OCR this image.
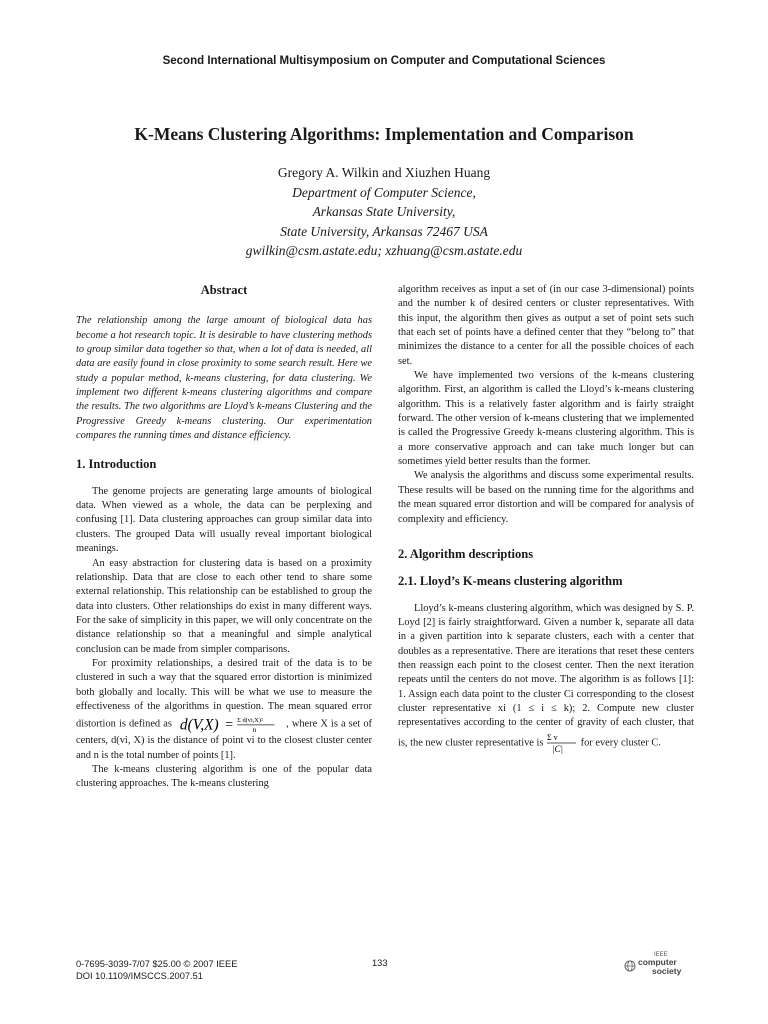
Second International Multisymposium on Computer and Computational Sciences
K-Means Clustering Algorithms: Implementation and Comparison
Gregory A. Wilkin and Xiuzhen Huang
Department of Computer Science,
Arkansas State University,
State University, Arkansas 72467 USA
gwilkin@csm.astate.edu; xzhuang@csm.astate.edu
Abstract

The relationship among the large amount of biological data has become a hot research topic. It is desirable to have clustering methods to group similar data together so that, when a lot of data is needed, all data are easily found in close proximity to some search result. Here we study a popular method, k-means clustering, for data clustering. We implement two different k-means clustering algorithms and compare the results. The two algorithms are Lloyd’s k-means Clustering and the Progressive Greedy k-means clustering. Our experimentation compares the running times and distance efficiency.

1. Introduction

The genome projects are generating large amounts of biological data. When viewed as a whole, the data can be perplexing and confusing [1]. Data clustering approaches can group similar data into clusters. The grouped Data will usually reveal important biological meanings.

An easy abstraction for clustering data is based on a proximity relationship. Data that are close to each other tend to share some external relationship. This relationship can be established to group the data into clusters. Other relationships do exist in many different ways. For the sake of simplicity in this paper, we will only concentrate on the distance relationship so that a meaningful and simple analytical conclusion can be made from simpler comparisons.

For proximity relationships, a desired trait of the data is to be clustered in such a way that the squared error distortion is minimized both globally and locally. This will be what we use to measure the effectiveness of the algorithms in question. The mean squared error distortion is defined as d(V,X) = Σ d(vi,X)²
n
, where X is a set of centers, d(vi, X) is the distance of point vi to the closest cluster center and n is the total number of points [1].

The k-means clustering algorithm is one of the popular data clustering approaches. The k-means clustering

algorithm receives as input a set of (in our case 3-dimensional) points and the number k of desired centers or cluster representatives. With this input, the algorithm then gives as output a set of point sets such that each set of points have a defined center that they “belong to” that minimizes the distance to a center for all the possible choices of each set.

We have implemented two versions of the k-means clustering algorithm. First, an algorithm is called the Lloyd’s k-means clustering algorithm. This is a relatively faster algorithm and is fairly straight forward. The other version of k-means clustering that we implemented is called the Progressive Greedy k-means clustering algorithm. This is a more conservative approach and can take much longer but can sometimes yield better results than the former.

We analysis the algorithms and discuss some experimental results. These results will be based on the running time for the algorithms and the mean squared error distortion and will be compared for analysis of complexity and efficiency.

2. Algorithm descriptions
2.1. Lloyd’s K-means clustering algorithm

Lloyd’s k-means clustering algorithm, which was designed by S. P. Loyd [2] is fairly straightforward. Given a number k, separate all data in a given partition into k separate clusters, each with a center that doubles as a representative. There are iterations that reset these centers then reassign each point to the closest center. Then the next iteration repeats until the centers do not move. The algorithm is as follows [1]: 1. Assign each data point to the cluster Ci corresponding to the closest cluster representative xi (1 ≤ i ≤ k); 2. Compute new cluster representatives according to the center of gravity of each cluster, that is, the new cluster representative is Σ v
|C|
for every cluster C.

0-7695-3039-7/07 $25.00 © 2007 IEEE
DOI 10.1109/IMSCCS.2007.51
133
IEEE
computer
society
